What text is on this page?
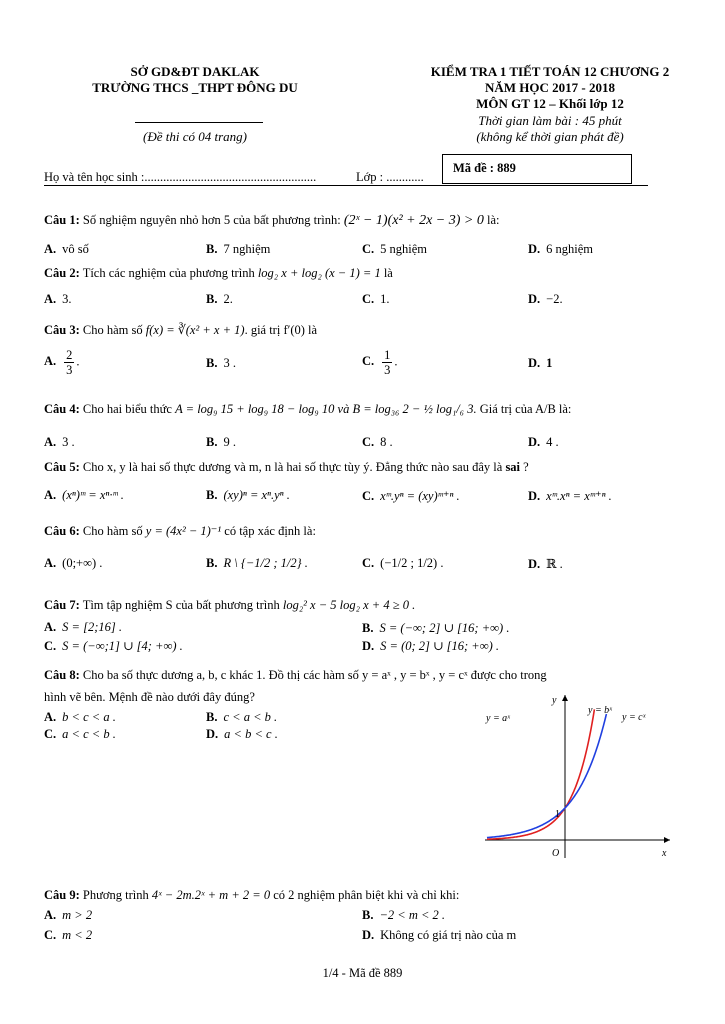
SỞ GD&ĐT DAKLAK
TRƯỜNG THCS _THPT ĐÔNG DU
(Đề thi có 04 trang)
KIỂM TRA 1 TIẾT TOÁN 12 CHƯƠNG 2
NĂM HỌC 2017 - 2018
MÔN GT 12 – Khối lớp 12
Thời gian làm bài : 45 phút
(không kể thời gian phát đề)
Họ và tên học sinh :.......................................................	Lớp : ............
Mã đề : 889
Câu 1: Số nghiệm nguyên nhỏ hơn 5 của bất phương trình: (2ˣ − 1)(x² + 2x − 3) > 0 là:
A. vô số	B. 7 nghiệm	C. 5 nghiệm	D. 6 nghiệm
Câu 2: Tích các nghiệm của phương trình log₂ x + log₂ (x − 1) = 1 là
A. 3.	B. 2.	C. 1.	D. −2.
Câu 3: Cho hàm số f(x) = ∛(x² + x + 1). giá trị f′(0) là
A. $\frac{2}{3}$ .	B. 3 .	C. $\frac{1}{3}$ .	D. 1
Câu 4: Cho hai biểu thức A = log₉ 15 + log₉ 18 − log₉ 10 và B = log₃₆ 2 − ½ log₁/₆ 3. Giá trị của A/B là:
A. 3 .	B. 9 .	C. 8 .	D. 4 .
Câu 5: Cho x, y là hai số thực dương và m, n là hai số thực tùy ý. Đẳng thức nào sau đây là sai ?
A. (xⁿ)ᵐ = xⁿ·ᵐ .	B. (xy)ⁿ = xⁿ.yⁿ .	C. xᵐ.yⁿ = (xy)ᵐ⁺ⁿ .	D. xᵐ.xⁿ = xᵐ⁺ⁿ .
Câu 6: Cho hàm số y = (4x² − 1)⁻¹ có tập xác định là:
A. (0;+∞) .	B. R \ {−1/2 ; 1/2} .	C. (−1/2 ; 1/2) .	D. ℝ .
Câu 7: Tìm tập nghiệm S của bất phương trình log₂² x − 5 log₂ x + 4 ≥ 0 .
A. S = [2;16] .	B. S = (−∞; 2] ∪ [16; +∞) .
C. S = (−∞;1] ∪ [4; +∞) .	D. S = (0; 2] ∪ [16; +∞) .
Câu 8: Cho ba số thực dương a, b, c khác 1. Đồ thị các hàm số y = aˣ , y = bˣ , y = cˣ được cho trong
hình vẽ bên. Mệnh đề nào dưới đây đúng?
A. b < c < a .	B. c < a < b .
C. a < c < b .	D. a < b < c .
y = aˣ
y = bˣ
y = cˣ
y
x
O
1
Câu 9: Phương trình 4ˣ − 2m.2ˣ + m + 2 = 0 có 2 nghiệm phân biệt khi và chỉ khi:
A. m > 2	B. −2 < m < 2 .
C. m < 2	D. Không có giá trị nào của m
1/4 - Mã đề 889
